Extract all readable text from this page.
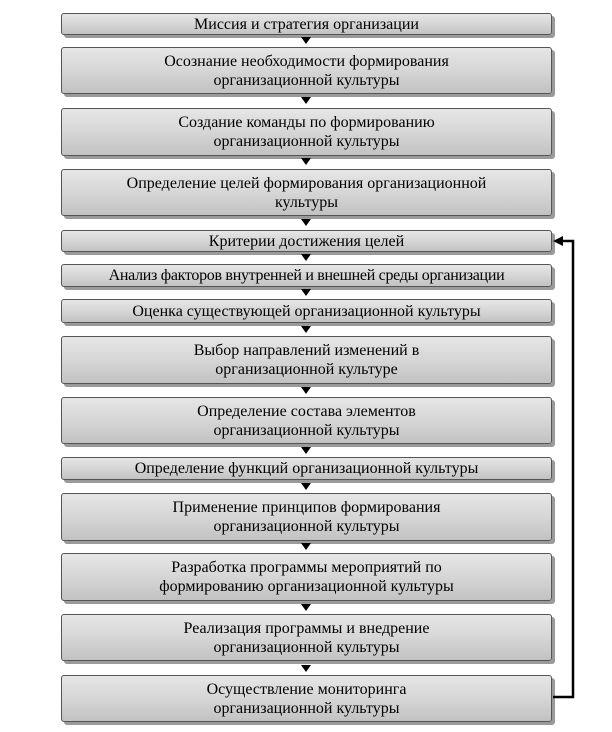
Миссия и стратегия организации
Осознание необходимости формирования
организационной культуры
Создание команды по формированию
организационной культуры
Определение целей формирования организационной
культуры
Критерии достижения целей
Анализ факторов внутренней и внешней среды организации
Оценка существующей организационной культуры
Выбор направлений изменений в
организационной культуре
Определение состава элементов
организационной культуры
Определение функций организационной культуры
Применение принципов формирования
организационной культуры
Разработка программы мероприятий по
формированию организационной культуры
Реализация программы и внедрение
организационной культуры
Осуществление мониторинга
организационной культуры
